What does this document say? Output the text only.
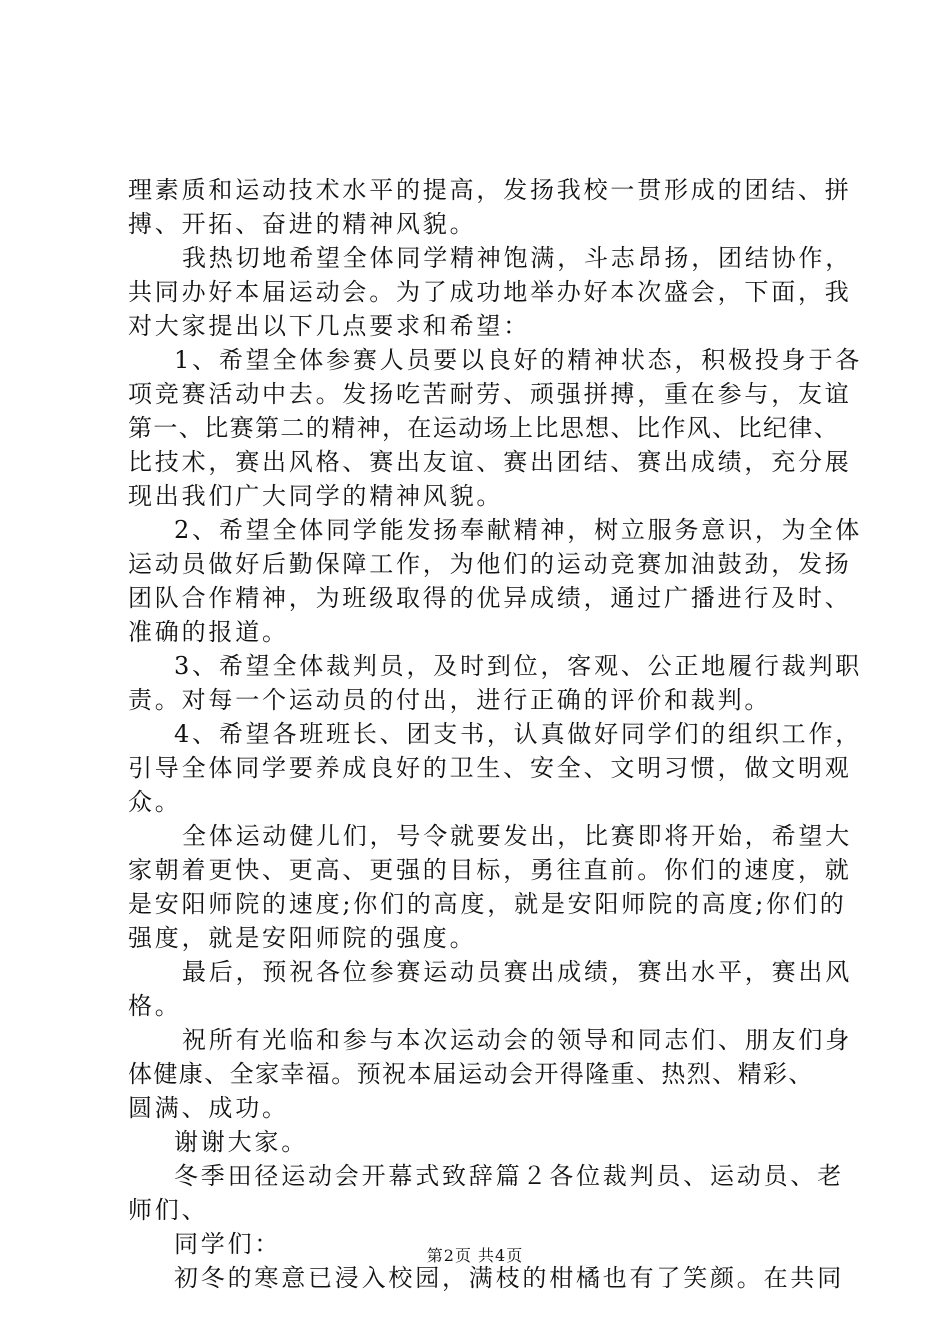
理素质和运动技术水平的提高，发扬我校一贯形成的团结、拼
搏、开拓、奋进的精神风貌。
我热切地希望全体同学精神饱满，斗志昂扬，团结协作，
共同办好本届运动会。为了成功地举办好本次盛会，下面，我
对大家提出以下几点要求和希望：
1、希望全体参赛人员要以良好的精神状态，积极投身于各
项竞赛活动中去。发扬吃苦耐劳、顽强拼搏，重在参与，友谊
第一、比赛第二的精神，在运动场上比思想、比作风、比纪律、
比技术，赛出风格、赛出友谊、赛出团结、赛出成绩，充分展
现出我们广大同学的精神风貌。
2、希望全体同学能发扬奉献精神，树立服务意识，为全体
运动员做好后勤保障工作，为他们的运动竞赛加油鼓劲，发扬
团队合作精神，为班级取得的优异成绩，通过广播进行及时、
准确的报道。
3、希望全体裁判员，及时到位，客观、公正地履行裁判职
责。对每一个运动员的付出，进行正确的评价和裁判。
4、希望各班班长、团支书，认真做好同学们的组织工作，
引导全体同学要养成良好的卫生、安全、文明习惯，做文明观
众。
全体运动健儿们，号令就要发出，比赛即将开始，希望大
家朝着更快、更高、更强的目标，勇往直前。你们的速度，就
是安阳师院的速度;你们的高度，就是安阳师院的高度;你们的
强度，就是安阳师院的强度。
最后，预祝各位参赛运动员赛出成绩，赛出水平，赛出风
格。
祝所有光临和参与本次运动会的领导和同志们、朋友们身
体健康、全家幸福。预祝本届运动会开得隆重、热烈、精彩、
圆满、成功。
谢谢大家。
冬季田径运动会开幕式致辞篇２各位裁判员、运动员、老
师们、
同学们：
初冬的寒意已浸入校园，满枝的柑橘也有了笑颜。在共同
第2页 共4页
